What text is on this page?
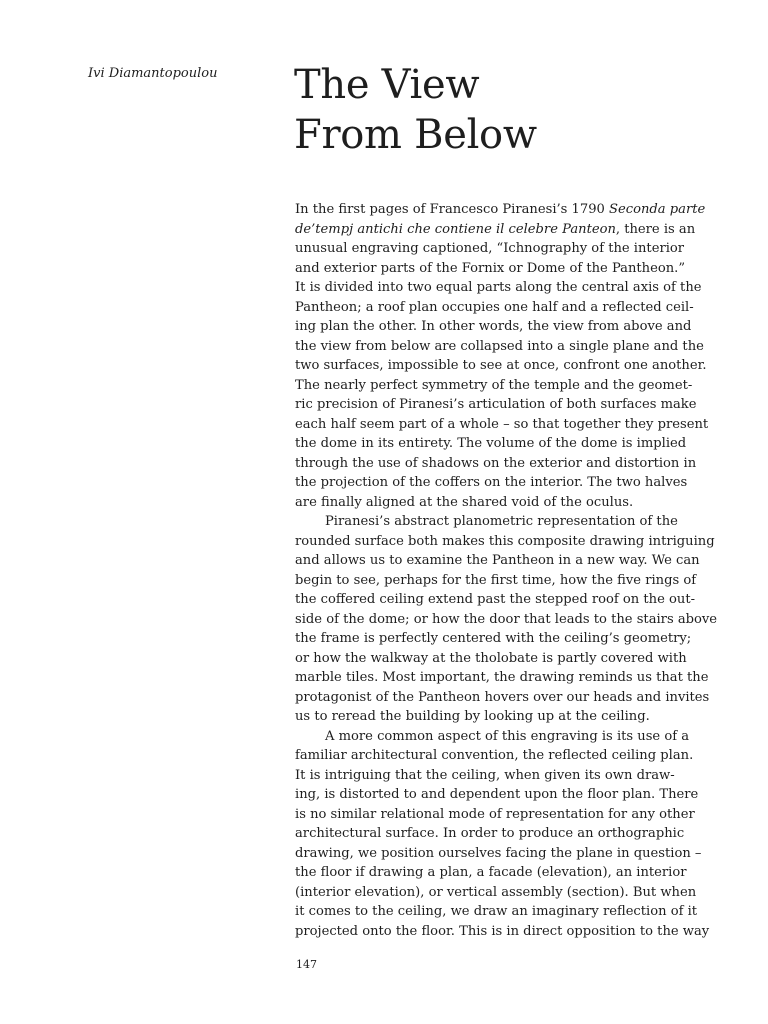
Ivi Diamantopoulou The View
From Below
In the first pages of Francesco Piranesi’s 1790 Seconda parte
de’tempj antichi che contiene il celebre Panteon, there is an
unusual engraving captioned, “Ichnography of the interior
and exterior parts of the Fornix or Dome of the Pantheon.”
It is divided into two equal parts along the central axis of the
Pantheon; a roof plan occupies one half and a reflected ceil-
ing plan the other. In other words, the view from above and
the view from below are collapsed into a single plane and the
two surfaces, impossible to see at once, confront one another.
The nearly perfect symmetry of the temple and the geomet-
ric precision of Piranesi’s articulation of both surfaces make
each half seem part of a whole – so that together they present
the dome in its entirety. The volume of the dome is implied
through the use of shadows on the exterior and distortion in
the projection of the coffers on the interior. The two halves
are finally aligned at the shared void of the oculus.
Piranesi’s abstract planometric representation of the
rounded surface both makes this composite drawing intriguing
and allows us to examine the Pantheon in a new way. We can
begin to see, perhaps for the first time, how the five rings of
the coffered ceiling extend past the stepped roof on the out-
side of the dome; or how the door that leads to the stairs above
the frame is perfectly centered with the ceiling’s geometry;
or how the walkway at the tholobate is partly covered with
marble tiles. Most important, the drawing reminds us that the
protagonist of the Pantheon hovers over our heads and invites
us to reread the building by looking up at the ceiling.
A more common aspect of this engraving is its use of a
familiar architectural convention, the reflected ceiling plan.
It is intriguing that the ceiling, when given its own draw-
ing, is distorted to and dependent upon the floor plan. There
is no similar relational mode of representation for any other
architectural surface. In order to produce an orthographic
drawing, we position ourselves facing the plane in question –
the floor if drawing a plan, a facade (elevation), an interior
(interior elevation), or vertical assembly (section). But when
it comes to the ceiling, we draw an imaginary reflection of it
projected onto the floor. This is in direct opposition to the way
147
